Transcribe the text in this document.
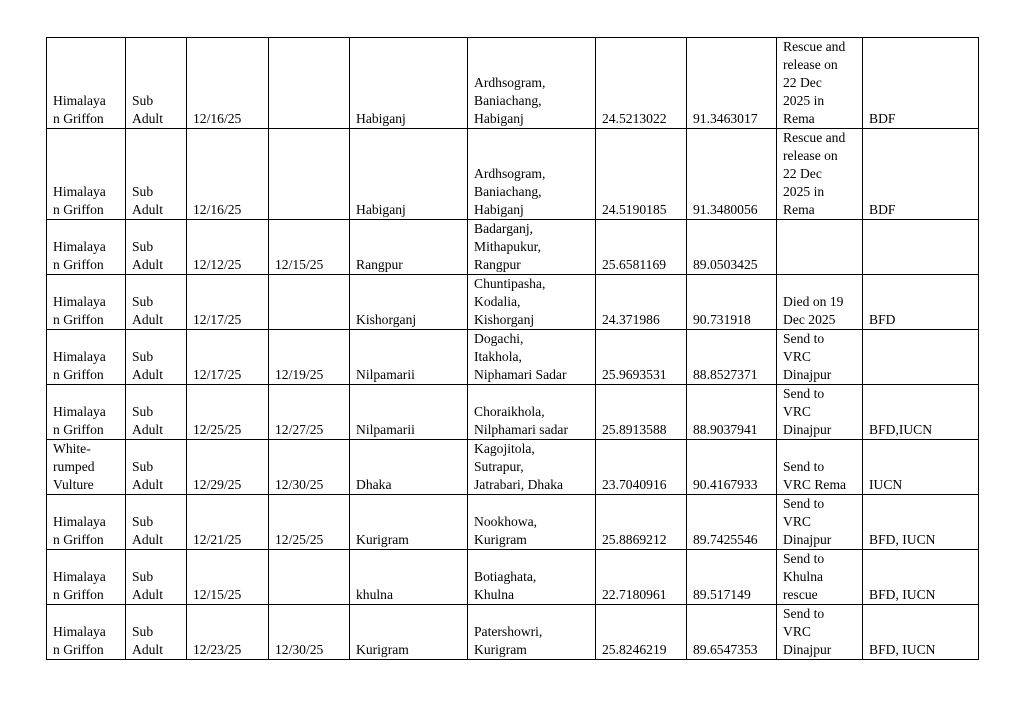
Himalaya
n Griffon	Sub
Adult	12/16/25		Habiganj	Ardhsogram,
Baniachang,
Habiganj	24.5213022	91.3463017	Rescue and
release on
22 Dec
2025 in
Rema	BDF
Himalaya
n Griffon	Sub
Adult	12/16/25		Habiganj	Ardhsogram,
Baniachang,
Habiganj	24.5190185	91.3480056	Rescue and
release on
22 Dec
2025 in
Rema	BDF
Himalaya
n Griffon	Sub
Adult	12/12/25	12/15/25	Rangpur	Badarganj,
Mithapukur,
Rangpur	25.6581169	89.0503425		
Himalaya
n Griffon	Sub
Adult	12/17/25		Kishorganj	Chuntipasha,
Kodalia,
Kishorganj	24.371986	90.731918	Died on 19
Dec 2025	BFD
Himalaya
n Griffon	Sub
Adult	12/17/25	12/19/25	Nilpamarii	Dogachi,
Itakhola,
Niphamari Sadar	25.9693531	88.8527371	Send to
VRC
Dinajpur	
Himalaya
n Griffon	Sub
Adult	12/25/25	12/27/25	Nilpamarii	Choraikhola,
Nilphamari sadar	25.8913588	88.9037941	Send to
VRC
Dinajpur	BFD,IUCN
White-
rumped
Vulture	Sub
Adult	12/29/25	12/30/25	Dhaka	Kagojitola,
Sutrapur,
Jatrabari, Dhaka	23.7040916	90.4167933	Send to
VRC Rema	IUCN
Himalaya
n Griffon	Sub
Adult	12/21/25	12/25/25	Kurigram	Nookhowa,
Kurigram	25.8869212	89.7425546	Send to
VRC
Dinajpur	BFD, IUCN
Himalaya
n Griffon	Sub
Adult	12/15/25		khulna	Botiaghata,
Khulna	22.7180961	89.517149	Send to
Khulna
rescue	BFD, IUCN
Himalaya
n Griffon	Sub
Adult	12/23/25	12/30/25	Kurigram	Patershowri,
Kurigram	25.8246219	89.6547353	Send to
VRC
Dinajpur	BFD, IUCN
